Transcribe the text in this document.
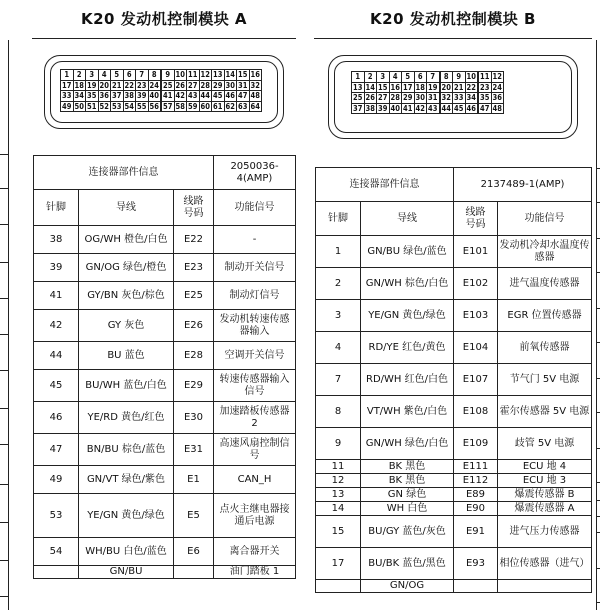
K20 发动机控制模块 A
1	2	3	4	5	6	7	8	9	10	11	12	13	14	15	16
17	18	19	20	21	22	23	24	25	26	27	28	29	30	31	32
33	34	35	36	37	38	39	40	41	42	43	44	45	46	47	48
49	50	51	52	53	54	55	56	57	58	59	60	61	62	63	64
连接器部件信息			2050036-4(AMP)
针脚	导线	线路号码	功能信号
38	OG/WH 橙色/白色	E22	-
39	GN/OG 绿色/橙色	E23	制动开关信号
41	GY/BN 灰色/棕色	E25	制动灯信号
42	GY 灰色	E26	发动机转速传感器输入
44	BU 蓝色	E28	空调开关信号
45	BU/WH 蓝色/白色	E29	转速传感器输入信号
46	YE/RD 黄色/红色	E30	加速踏板传感器 2
47	BN/BU 棕色/蓝色	E31	高速风扇控制信号
49	GN/VT 绿色/紫色	E1	CAN_H
53	YE/GN 黄色/绿色	E5	点火主继电器接通后电源
54	WH/BU 白色/蓝色	E6	离合器开关
	GN/BU		油门踏板 1
K20 发动机控制模块 B
1	2	3	4	5	6	7	8	9	10	11	12
13	14	15	16	17	18	19	20	21	22	23	24
25	26	27	28	29	30	31	32	33	34	35	36
37	38	39	40	41	42	43	44	45	46	47	48
连接器部件信息		2137489-1(AMP)	
针脚	导线	线路号码	功能信号
1	GN/BU 绿色/蓝色	E101	发动机冷却水温度传感器
2	GN/WH 棕色/白色	E102	进气温度传感器
3	YE/GN 黄色/绿色	E103	EGR 位置传感器
4	RD/YE 红色/黄色	E104	前氧传感器
7	RD/WH 红色/白色	E107	节气门 5V 电源
8	VT/WH 紫色/白色	E108	霍尔传感器 5V 电源
9	GN/WH 绿色/白色	E109	歧管 5V 电源
11	BK 黑色	E111	ECU 地 4
12	BK 黑色	E112	ECU 地 3
13	GN 绿色	E89	爆震传感器 B
14	WH 白色	E90	爆震传感器 A
15	BU/GY 蓝色/灰色	E91	进气压力传感器
17	BU/BK 蓝色/黑色	E93	相位传感器（进气）
	GN/OG		
